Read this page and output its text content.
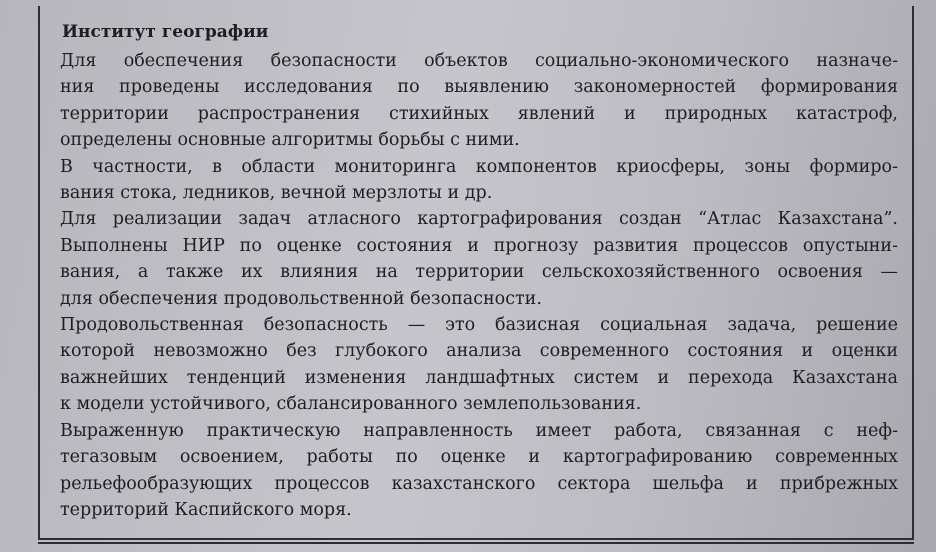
Институт географии
Для обеспечения безопасности объектов социально-экономического назначе-
ния проведены исследования по выявлению закономерностей формирования
территории распространения стихийных явлений и природных катастроф,
определены основные алгоритмы борьбы с ними.
В частности, в области мониторинга компонентов криосферы, зоны формиро-
вания стока, ледников, вечной мерзлоты и др.
Для реализации задач атласного картографирования создан “Атлас Казахстана”.
Выполнены НИР по оценке состояния и прогнозу развития процессов опустыни-
вания, а также их влияния на территории сельскохозяйственного освоения —
для обеспечения продовольственной безопасности.
Продовольственная безопасность — это базисная социальная задача, решение
которой невозможно без глубокого анализа современного состояния и оценки
важнейших тенденций изменения ландшафтных систем и перехода Казахстана
к модели устойчивого, сбалансированного землепользования.
Выраженную практическую направленность имеет работа, связанная с неф-
тегазовым освоением, работы по оценке и картографированию современных
рельефообразующих процессов казахстанского сектора шельфа и прибрежных
территорий Каспийского моря.
